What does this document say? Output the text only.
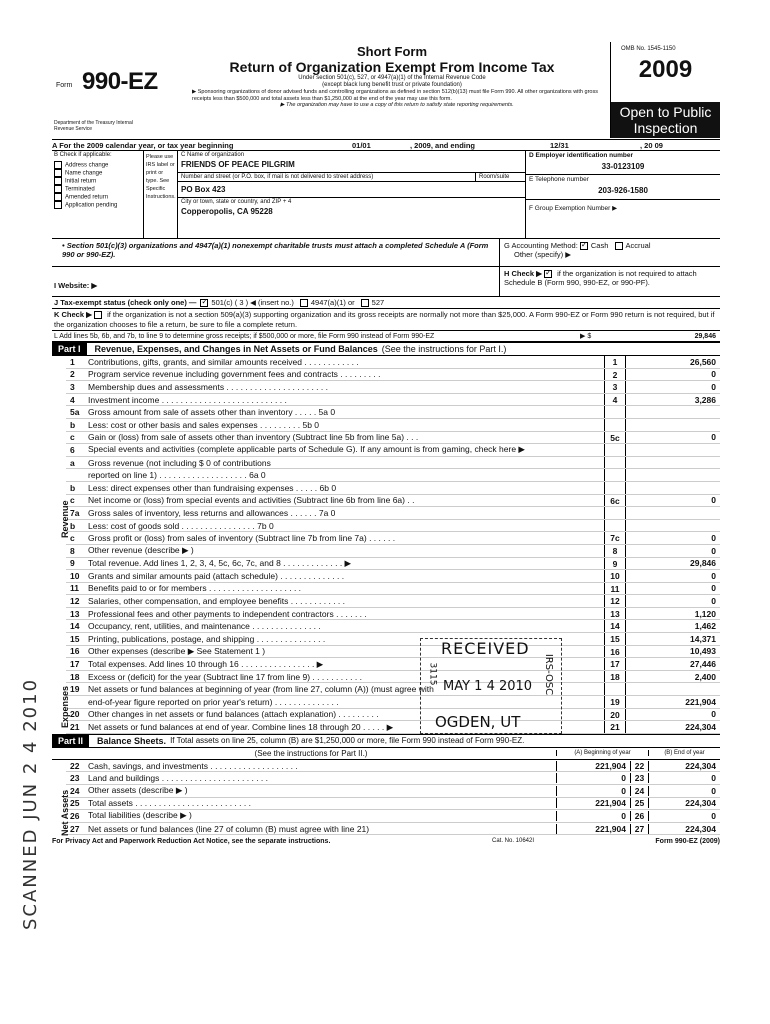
Form 990-EZ
Department of the Treasury Internal Revenue Service
Short Form
Return of Organization Exempt From Income Tax
Under section 501(c), 527, or 4947(a)(1) of the Internal Revenue Code
(except black lung benefit trust or private foundation)
▶ Sponsoring organizations of donor advised funds and controlling organizations as defined in section 512(b)(13) must file Form 990. All other organizations with gross receipts less than $500,000 and total assets less than $1,250,000 at the end of the year may use this form.
▶ The organization may have to use a copy of this return to satisfy state reporting requirements.
OMB No. 1545-1150
2009
Open to Public Inspection
A For the 2009 calendar year, or tax year beginning	01/01	, 2009, and ending	12/31	, 20 09
B Check if applicable:
Address change
Name change
Initial return
Terminated
Amended return
Application pending
Please use IRS label or print or type. See Specific Instructions.
C Name of organization
FRIENDS OF PEACE PILGRIM
Number and street (or P.O. box, if mail is not delivered to street address)	Room/suite
PO Box 423
City or town, state or country, and ZIP + 4
Copperopolis, CA 95228
D Employer identification number
33-0123109
E Telephone number
203-926-1580
F Group Exemption Number ▶
• Section 501(c)(3) organizations and 4947(a)(1) nonexempt charitable trusts must attach a completed Schedule A (Form 990 or 990-EZ).
G Accounting Method: ✓ Cash Accrual
Other (specify) ▶
I Website: ▶
H Check ▶ ✓ if the organization is not required to attach Schedule B (Form 990, 990-EZ, or 990-PF).
J Tax-exempt status (check only one) — ✓ 501(c) ( 3 ) ◀ (insert no.) 4947(a)(1) or 527
K Check ▶ if the organization is not a section 509(a)(3) supporting organization and its gross receipts are normally not more than $25,000. A Form 990-EZ or Form 990 return is not required, but if the organization chooses to file a return, be sure to file a complete return.
L Add lines 5b, 6b, and 7b, to line 9 to determine gross receipts; if $500,000 or more, file Form 990 instead of Form 990-EZ	▶ $	29,846
Part I	Revenue, Expenses, and Changes in Net Assets or Fund Balances (See the instructions for Part I.)
1	Contributions, gifts, grants, and similar amounts received . . . . . . . . . . . .	1	26,560
2	Program service revenue including government fees and contracts . . . . . . . . .	2	0
3	Membership dues and assessments . . . . . . . . . . . . . . . . . . . . . .	3	0
4	Investment income . . . . . . . . . . . . . . . . . . . . . . . . . . .	4	3,286
5a	Gross amount from sale of assets other than inventory . . . . . 5a 0
b	Less: cost or other basis and sales expenses . . . . . . . . . 5b 0
c	Gain or (loss) from sale of assets other than inventory (Subtract line 5b from line 5a) . . .	5c	0
6	Special events and activities (complete applicable parts of Schedule G). If any amount is from gaming, check here ▶
a	Gross revenue (not including $ 0 of contributions
reported on line 1) . . . . . . . . . . . . . . . . . . . 6a 0
b	Less: direct expenses other than fundraising expenses . . . . . 6b 0
c	Net income or (loss) from special events and activities (Subtract line 6b from line 6a) . .	6c	0
7a	Gross sales of inventory, less returns and allowances . . . . . . 7a 0
b	Less: cost of goods sold . . . . . . . . . . . . . . . . 7b 0
c	Gross profit or (loss) from sales of inventory (Subtract line 7b from line 7a) . . . . . .	7c	0
8	Other revenue (describe ▶ )	8	0
9	Total revenue. Add lines 1, 2, 3, 4, 5c, 6c, 7c, and 8 . . . . . . . . . . . . . ▶	9	29,846
10	Grants and similar amounts paid (attach schedule) . . . . . . . . . . . . . .	10	0
11	Benefits paid to or for members . . . . . . . . . . . . . . . . . . . .	11	0
12	Salaries, other compensation, and employee benefits . . . . . . . . . . . .	12	0
13	Professional fees and other payments to independent contractors . . . . . . .	13	1,120
14	Occupancy, rent, utilities, and maintenance . . . . . . . . . . . . . . .	14	1,462
15	Printing, publications, postage, and shipping . . . . . . . . . . . . . . .	15	14,371
16	Other expenses (describe ▶ See Statement 1 )	16	10,493
17	Total expenses. Add lines 10 through 16 . . . . . . . . . . . . . . . . ▶	17	27,446
18	Excess or (deficit) for the year (Subtract line 17 from line 9) . . . . . . . . . . .	18	2,400
19	Net assets or fund balances at beginning of year (from line 27, column (A)) (must agree with
end-of-year figure reported on prior year's return) . . . . . . . . . . . . . .	19	221,904
20	Other changes in net assets or fund balances (attach explanation) . . . . . . . . .	20	0
21	Net assets or fund balances at end of year. Combine lines 18 through 20 . . . . . ▶	21	224,304
Part II	Balance Sheets. If Total assets on line 25, column (B) are $1,250,000 or more, file Form 990 instead of Form 990-EZ.
(See the instructions for Part II.)	(A) Beginning of year	(B) End of year
22	Cash, savings, and investments . . . . . . . . . . . . . . . . . . .	221,904	22	224,304
23	Land and buildings . . . . . . . . . . . . . . . . . . . . . . .	0	23	0
24	Other assets (describe ▶ )	0	24	0
25	Total assets . . . . . . . . . . . . . . . . . . . . . . . . .	221,904	25	224,304
26	Total liabilities (describe ▶ )	0	26	0
27	Net assets or fund balances (line 27 of column (B) must agree with line 21)	221,904	27	224,304
For Privacy Act and Paperwork Reduction Act Notice, see the separate instructions.	Cat. No. 10642I	Form 990-EZ (2009)
Revenue
Expenses
Net Assets
RECEIVED
MAY 1 4 2010
OGDEN, UT
3115	IRS-OSC
SCANNED JUN 2 4 2010
